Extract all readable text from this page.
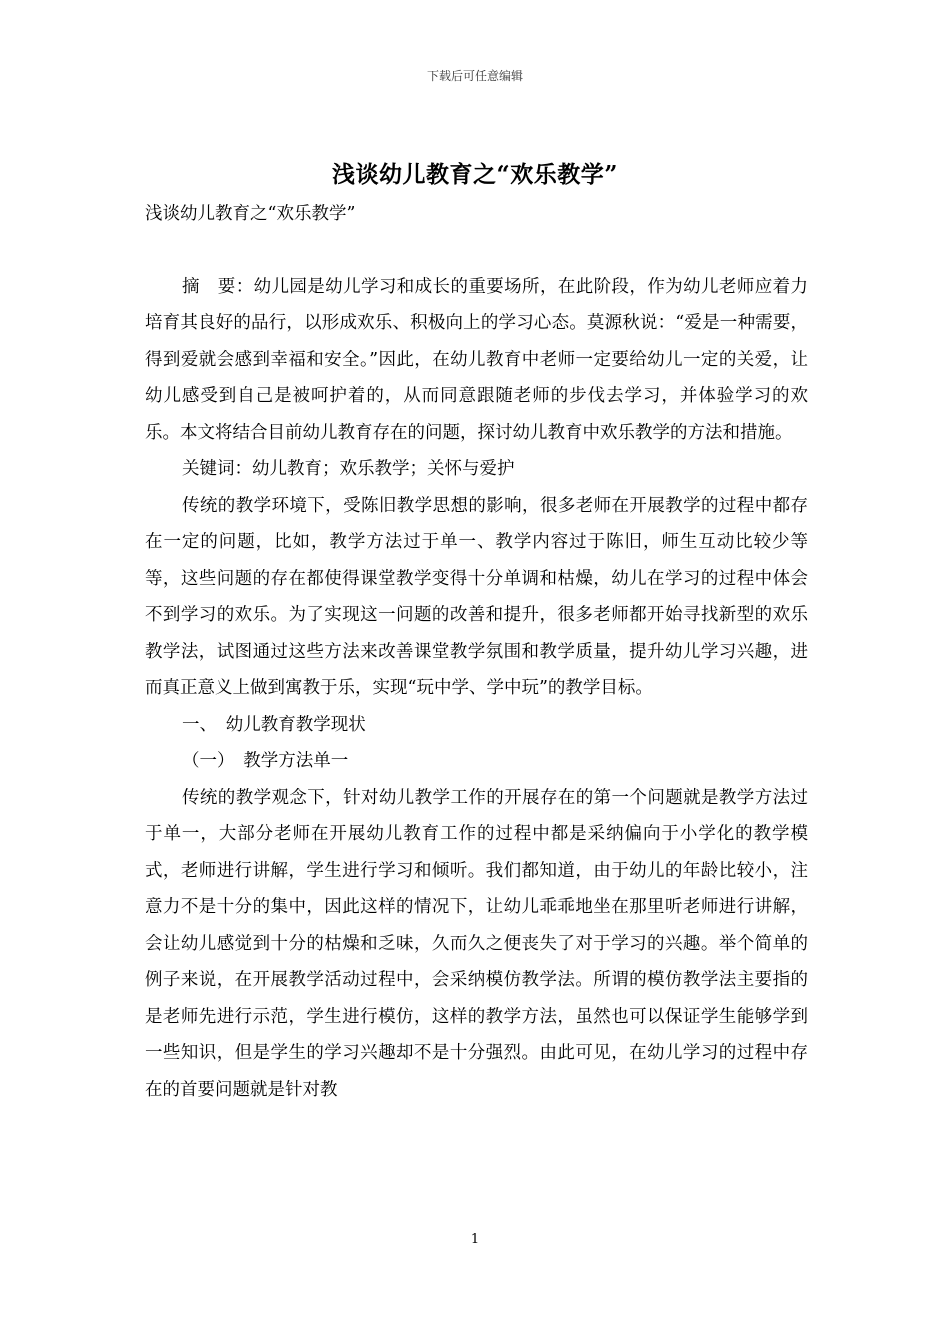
下载后可任意编辑
浅谈幼儿教育之“欢乐教学”

浅谈幼儿教育之“欢乐教学”

摘　要：幼儿园是幼儿学习和成长的重要场所，在此阶段，作为幼儿老师应着力培育其良好的品行，以形成欢乐、积极向上的学习心态。莫源秋说：“爱是一种需要，得到爱就会感到幸福和安全。”因此，在幼儿教育中老师一定要给幼儿一定的关爱，让幼儿感受到自己是被呵护着的，从而同意跟随老师的步伐去学习，并体验学习的欢乐。本文将结合目前幼儿教育存在的问题，探讨幼儿教育中欢乐教学的方法和措施。

关键词：幼儿教育；欢乐教学；关怀与爱护

传统的教学环境下，受陈旧教学思想的影响，很多老师在开展教学的过程中都存在一定的问题，比如，教学方法过于单一、教学内容过于陈旧，师生互动比较少等等，这些问题的存在都使得课堂教学变得十分单调和枯燥，幼儿在学习的过程中体会不到学习的欢乐。为了实现这一问题的改善和提升，很多老师都开始寻找新型的欢乐教学法，试图通过这些方法来改善课堂教学氛围和教学质量，提升幼儿学习兴趣，进而真正意义上做到寓教于乐，实现“玩中学、学中玩”的教学目标。

一、　幼儿教育教学现状

（一）　教学方法单一

传统的教学观念下，针对幼儿教学工作的开展存在的第一个问题就是教学方法过于单一，大部分老师在开展幼儿教育工作的过程中都是采纳偏向于小学化的教学模式，老师进行讲解，学生进行学习和倾听。我们都知道，由于幼儿的年龄比较小，注意力不是十分的集中，因此这样的情况下，让幼儿乖乖地坐在那里听老师进行讲解，会让幼儿感觉到十分的枯燥和乏味，久而久之便丧失了对于学习的兴趣。举个简单的例子来说，在开展教学活动过程中，会采纳模仿教学法。所谓的模仿教学法主要指的是老师先进行示范，学生进行模仿，这样的教学方法，虽然也可以保证学生能够学到一些知识，但是学生的学习兴趣却不是十分强烈。由此可见，在幼儿学习的过程中存在的首要问题就是针对教

1
